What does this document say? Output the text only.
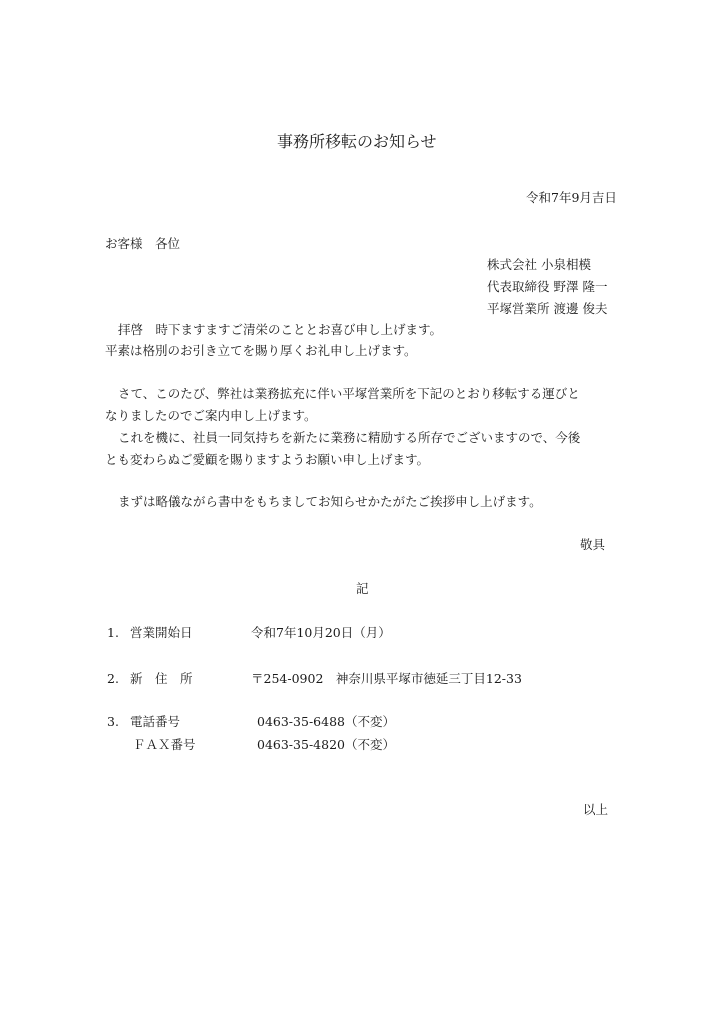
事務所移転のお知らせ
令和7年9月吉日
お客様　各位
株式会社 小泉相模
代表取締役 野澤 隆一
平塚営業所 渡邊 俊夫
拝啓　時下ますますご清栄のこととお喜び申し上げます。
平素は格別のお引き立てを賜り厚くお礼申し上げます。
さて、このたび、弊社は業務拡充に伴い平塚営業所を下記のとおり移転する運びと
なりましたのでご案内申し上げます。
これを機に、社員一同気持ちを新たに業務に精励する所存でございますので、今後
とも変わらぬご愛顧を賜りますようお願い申し上げます。
まずは略儀ながら書中をもちましてお知らせかたがたご挨拶申し上げます。
敬具
記
1. 営業開始日	令和7年10月20日（月）
2. 新　住　所	〒254-0902　神奈川県平塚市徳延三丁目12-33
3. 電話番号	0463-35-6488（不変）
ＦＡＸ番号	0463-35-4820（不変）
以上
